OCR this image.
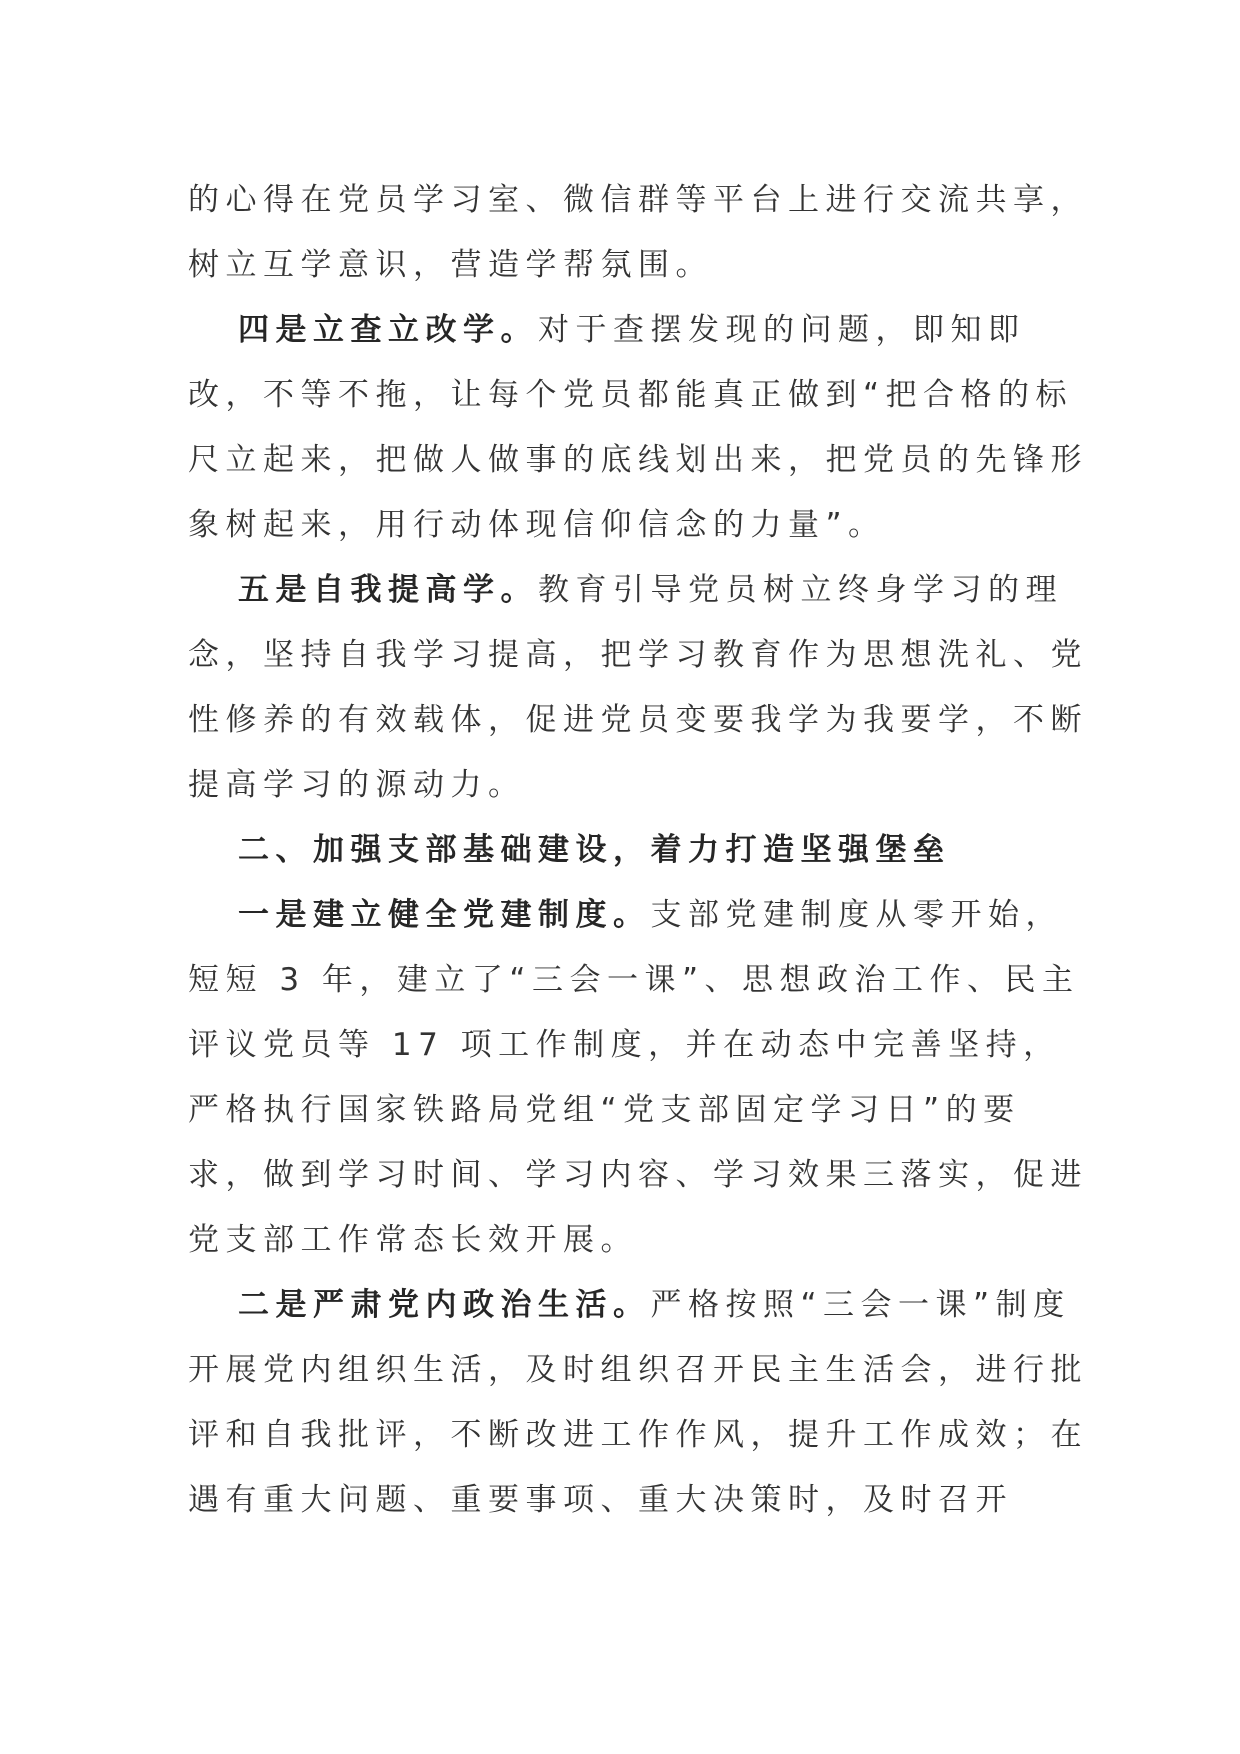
的心得在党员学习室、微信群等平台上进行交流共享，树立互学意识，营造学帮氛围。

四是立查立改学。对于查摆发现的问题，即知即改，不等不拖，让每个党员都能真正做到“把合格的标尺立起来，把做人做事的底线划出来，把党员的先锋形象树起来，用行动体现信仰信念的力量”。

五是自我提高学。教育引导党员树立终身学习的理念，坚持自我学习提高，把学习教育作为思想洗礼、党性修养的有效载体，促进党员变要我学为我要学，不断提高学习的源动力。

二、加强支部基础建设，着力打造坚强堡垒

一是建立健全党建制度。支部党建制度从零开始，短短 3 年，建立了“三会一课”、思想政治工作、民主评议党员等 17 项工作制度，并在动态中完善坚持，严格执行国家铁路局党组“党支部固定学习日”的要求，做到学习时间、学习内容、学习效果三落实，促进党支部工作常态长效开展。

二是严肃党内政治生活。严格按照“三会一课”制度开展党内组织生活，及时组织召开民主生活会，进行批评和自我批评，不断改进工作作风，提升工作成效；在遇有重大问题、重要事项、重大决策时，及时召开
